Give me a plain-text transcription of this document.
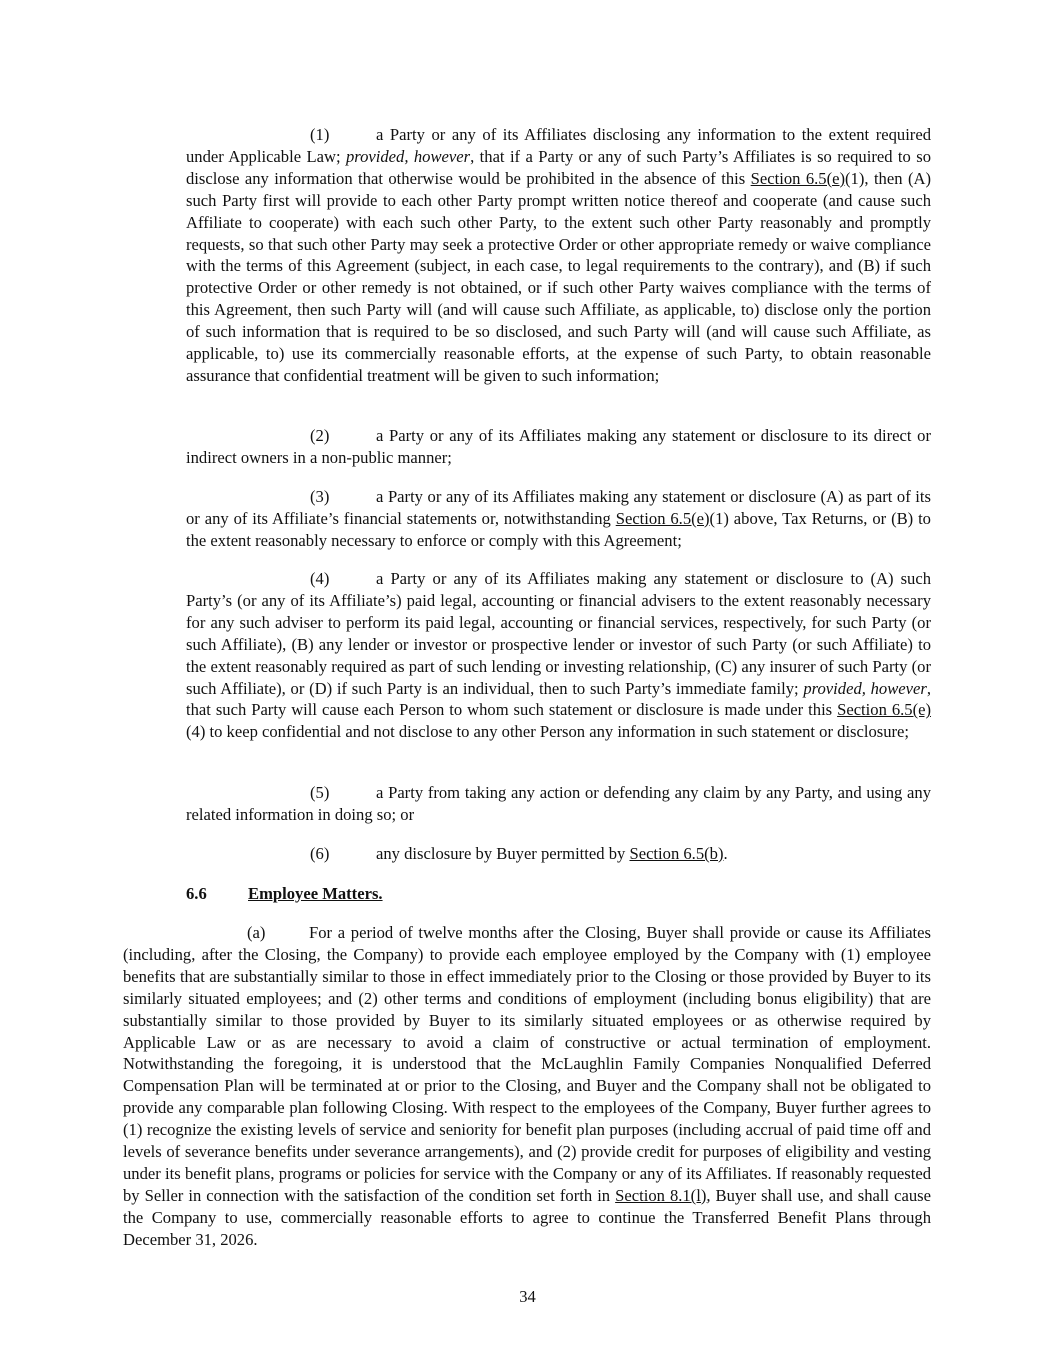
(1)	a Party or any of its Affiliates disclosing any information to the extent required under Applicable Law; provided, however, that if a Party or any of such Party’s Affiliates is so required to so disclose any information that otherwise would be prohibited in the absence of this Section 6.5(e)(1), then (A) such Party first will provide to each other Party prompt written notice thereof and cooperate (and cause such Affiliate to cooperate) with each such other Party, to the extent such other Party reasonably and promptly requests, so that such other Party may seek a protective Order or other appropriate remedy or waive compliance with the terms of this Agreement (subject, in each case, to legal requirements to the contrary), and (B) if such protective Order or other remedy is not obtained, or if such other Party waives compliance with the terms of this Agreement, then such Party will (and will cause such Affiliate, as applicable, to) disclose only the portion of such information that is required to be so disclosed, and such Party will (and will cause such Affiliate, as applicable, to) use its commercially reasonable efforts, at the expense of such Party, to obtain reasonable assurance that confidential treatment will be given to such information;
(2)	a Party or any of its Affiliates making any statement or disclosure to its direct or indirect owners in a non-public manner;
(3)	a Party or any of its Affiliates making any statement or disclosure (A) as part of its or any of its Affiliate’s financial statements or, notwithstanding Section 6.5(e)(1) above, Tax Returns, or (B) to the extent reasonably necessary to enforce or comply with this Agreement;
(4)	a Party or any of its Affiliates making any statement or disclosure to (A) such Party’s (or any of its Affiliate’s) paid legal, accounting or financial advisers to the extent reasonably necessary for any such adviser to perform its paid legal, accounting or financial services, respectively, for such Party (or such Affiliate), (B) any lender or investor or prospective lender or investor of such Party (or such Affiliate) to the extent reasonably required as part of such lending or investing relationship, (C) any insurer of such Party (or such Affiliate), or (D) if such Party is an individual, then to such Party’s immediate family; provided, however, that such Party will cause each Person to whom such statement or disclosure is made under this Section 6.5(e)(4) to keep confidential and not disclose to any other Person any information in such statement or disclosure;
(5)	a Party from taking any action or defending any claim by any Party, and using any related information in doing so; or
(6)	any disclosure by Buyer permitted by Section 6.5(b).
6.6 Employee Matters.
(a)	For a period of twelve months after the Closing, Buyer shall provide or cause its Affiliates (including, after the Closing, the Company) to provide each employee employed by the Company with (1) employee benefits that are substantially similar to those in effect immediately prior to the Closing or those provided by Buyer to its similarly situated employees; and (2) other terms and conditions of employment (including bonus eligibility) that are substantially similar to those provided by Buyer to its similarly situated employees or as otherwise required by Applicable Law or as are necessary to avoid a claim of constructive or actual termination of employment. Notwithstanding the foregoing, it is understood that the McLaughlin Family Companies Nonqualified Deferred Compensation Plan will be terminated at or prior to the Closing, and Buyer and the Company shall not be obligated to provide any comparable plan following Closing. With respect to the employees of the Company, Buyer further agrees to (1) recognize the existing levels of service and seniority for benefit plan purposes (including accrual of paid time off and levels of severance benefits under severance arrangements), and (2) provide credit for purposes of eligibility and vesting under its benefit plans, programs or policies for service with the Company or any of its Affiliates. If reasonably requested by Seller in connection with the satisfaction of the condition set forth in Section 8.1(l), Buyer shall use, and shall cause the Company to use, commercially reasonable efforts to agree to continue the Transferred Benefit Plans through December 31, 2026.
34
